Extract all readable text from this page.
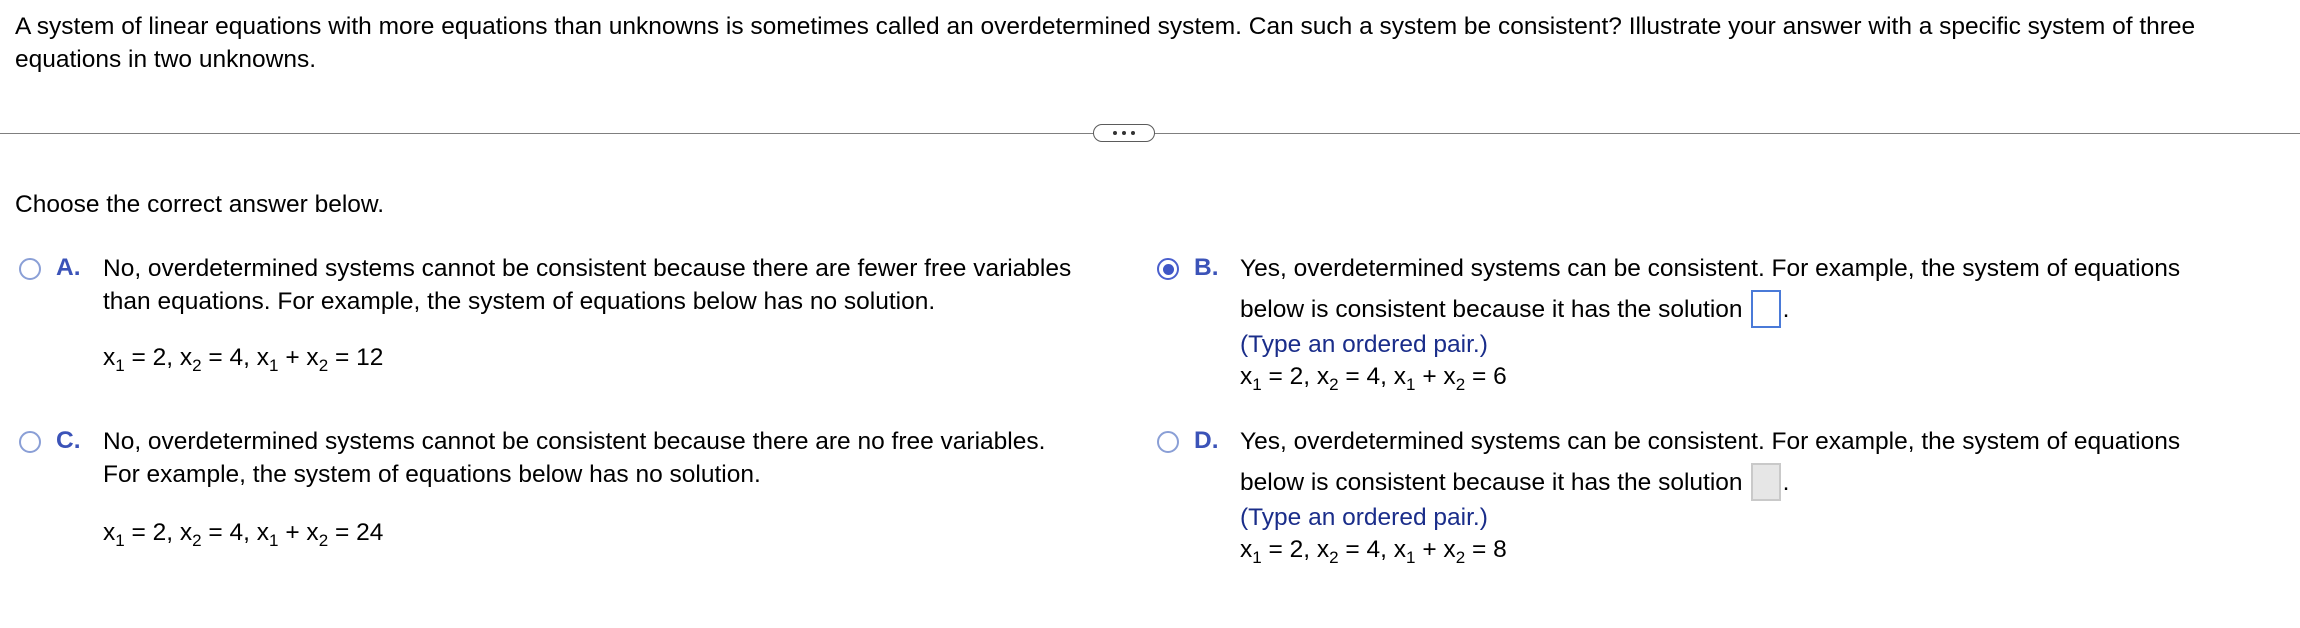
A system of linear equations with more equations than unknowns is sometimes called an overdetermined system. Can such a system be consistent? Illustrate your answer with a specific system of three equations in two unknowns.
Choose the correct answer below.
A. No, overdetermined systems cannot be consistent because there are fewer free variables
than equations. For example, the system of equations below has no solution.
$x_1 = 2$, $x_2 = 4$, $x_1 + x_2 = 12$
B. Yes, overdetermined systems can be consistent. For example, the system of equations
below is consistent because it has the solution .
(Type an ordered pair.)
$x_1 = 2$, $x_2 = 4$, $x_1 + x_2 = 6$
C. No, overdetermined systems cannot be consistent because there are no free variables.
For example, the system of equations below has no solution.
$x_1 = 2$, $x_2 = 4$, $x_1 + x_2 = 24$
D. Yes, overdetermined systems can be consistent. For example, the system of equations
below is consistent because it has the solution .
(Type an ordered pair.)
$x_1 = 2$, $x_2 = 4$, $x_1 + x_2 = 8$
